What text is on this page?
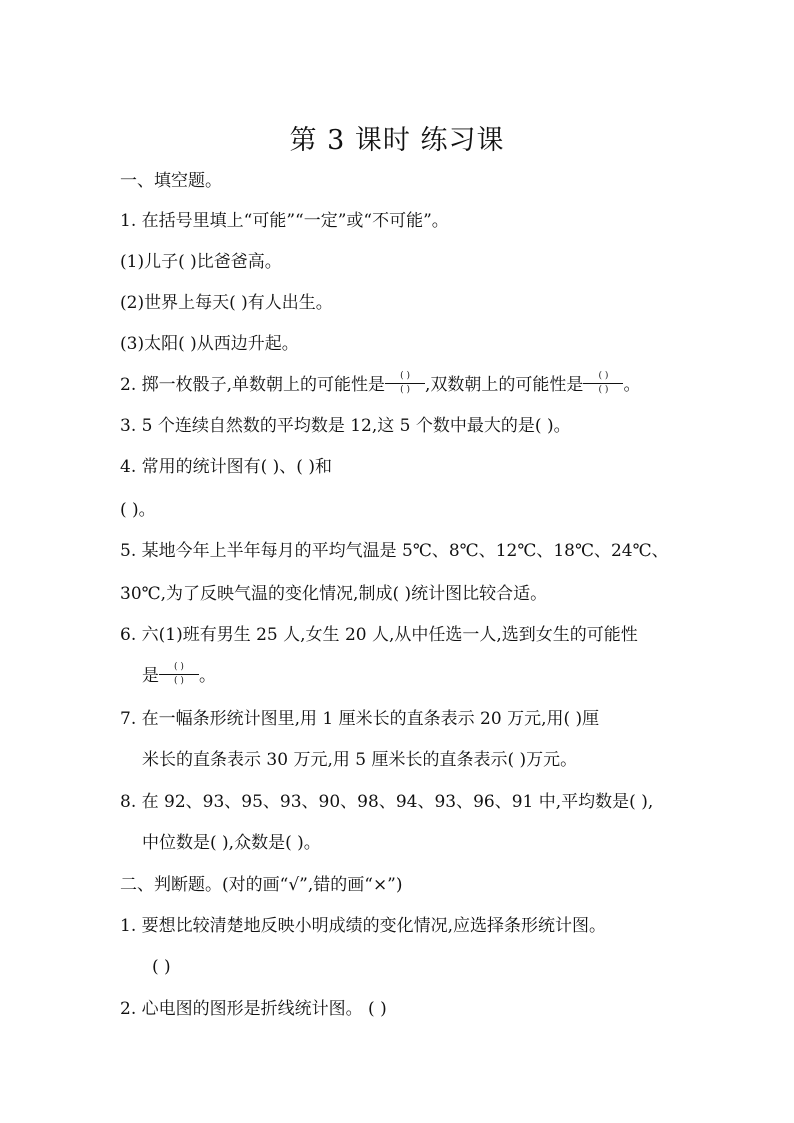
第 3 课时 练习课
一、填空题。
1. 在括号里填上“可能”“一定”或“不可能”。
(1)儿子( )比爸爸高。
(2)世界上每天( )有人出生。
(3)太阳( )从西边升起。
2. 掷一枚骰子,单数朝上的可能性是 $\frac{( )}{( )}$ ,双数朝上的可能性是 $\frac{( )}{( )}$ 。
3. 5 个连续自然数的平均数是 12,这 5 个数中最大的是( )。
4. 常用的统计图有( )、( )和
( )。
5. 某地今年上半年每月的平均气温是 5℃、8℃、12℃、18℃、24℃、
30℃,为了反映气温的变化情况,制成( )统计图比较合适。
6. 六(1)班有男生 25 人,女生 20 人,从中任选一人,选到女生的可能性
是 $\frac{( )}{( )}$ 。
7. 在一幅条形统计图里,用 1 厘米长的直条表示 20 万元,用( )厘
米长的直条表示 30 万元,用 5 厘米长的直条表示( )万元。
8. 在 92、93、95、93、90、98、94、93、96、91 中,平均数是( ),
中位数是( ),众数是( )。
二、判断题。(对的画“√”,错的画“×”)
1. 要想比较清楚地反映小明成绩的变化情况,应选择条形统计图。
( )
2. 心电图的图形是折线统计图。 ( )
